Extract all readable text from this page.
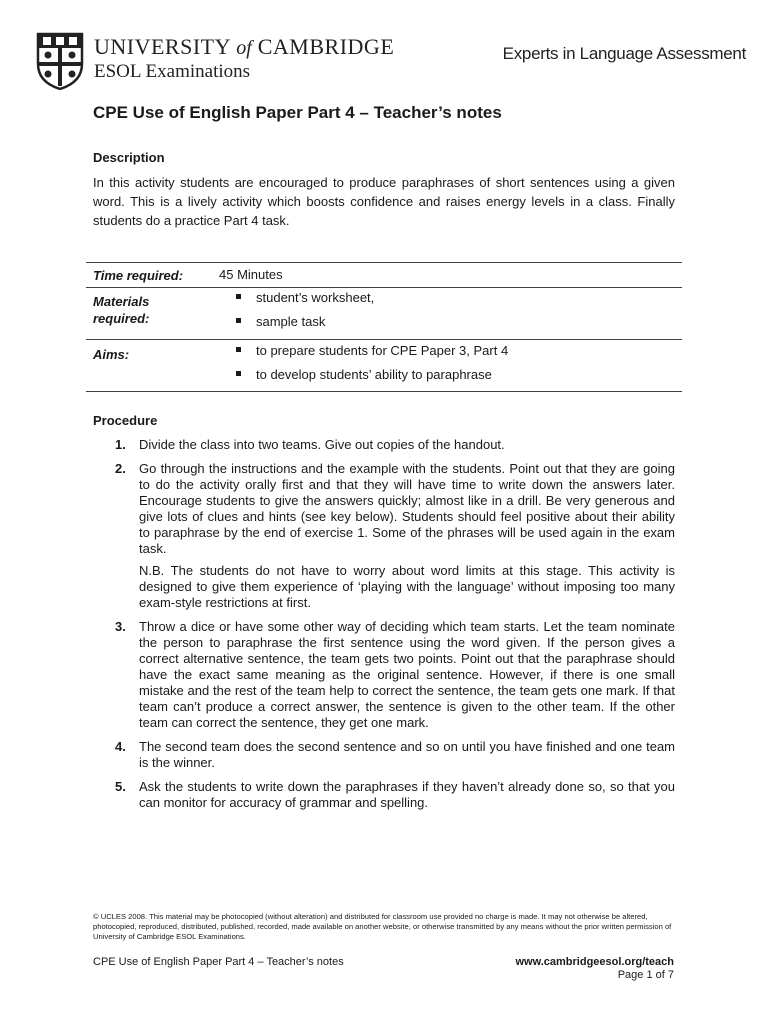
UNIVERSITY of CAMBRIDGE
ESOL Examinations
Experts in Language Assessment
CPE Use of English Paper Part 4 – Teacher’s notes
Description

In this activity students are encouraged to produce paraphrases of short sentences using a given word. This is a lively activity which boosts confidence and raises energy levels in a class. Finally students do a practice Part 4 task.

Time required:	45 Minutes
Materials required:
student’s worksheet,
sample task
Aims:	to prepare students for CPE Paper 3, Part 4
to develop students’ ability to paraphrase
Procedure
1. Divide the class into two teams. Give out copies of the handout.
2. Go through the instructions and the example with the students. Point out that they are going to do the activity orally first and that they will have time to write down the answers later. Encourage students to give the answers quickly; almost like in a drill. Be very generous and give lots of clues and hints (see key below). Students should feel positive about their ability to paraphrase by the end of exercise 1. Some of the phrases will be used again in the exam task.
N.B. The students do not have to worry about word limits at this stage. This activity is designed to give them experience of ‘playing with the language’ without imposing too many exam-style restrictions at first.
3. Throw a dice or have some other way of deciding which team starts. Let the team nominate the person to paraphrase the first sentence using the word given. If the person gives a correct alternative sentence, the team gets two points. Point out that the paraphrase should have the exact same meaning as the original sentence. However, if there is one small mistake and the rest of the team help to correct the sentence, the team gets one mark. If that team can’t produce a correct answer, the sentence is given to the other team. If the other team can correct the sentence, they get one mark.
4. The second team does the second sentence and so on until you have finished and one team is the winner.
5. Ask the students to write down the paraphrases if they haven’t already done so, so that you can monitor for accuracy of grammar and spelling.

© UCLES 2008. This material may be photocopied (without alteration) and distributed for classroom use provided no charge is made. It may not otherwise be altered, photocopied, reproduced, distributed, published, recorded, made available on another website, or otherwise transmitted by any means without the prior written permission of University of Cambridge ESOL Examinations.

CPE Use of English Paper Part 4 – Teacher’s notes	www.cambridgeesol.org/teach
Page 1 of 7
